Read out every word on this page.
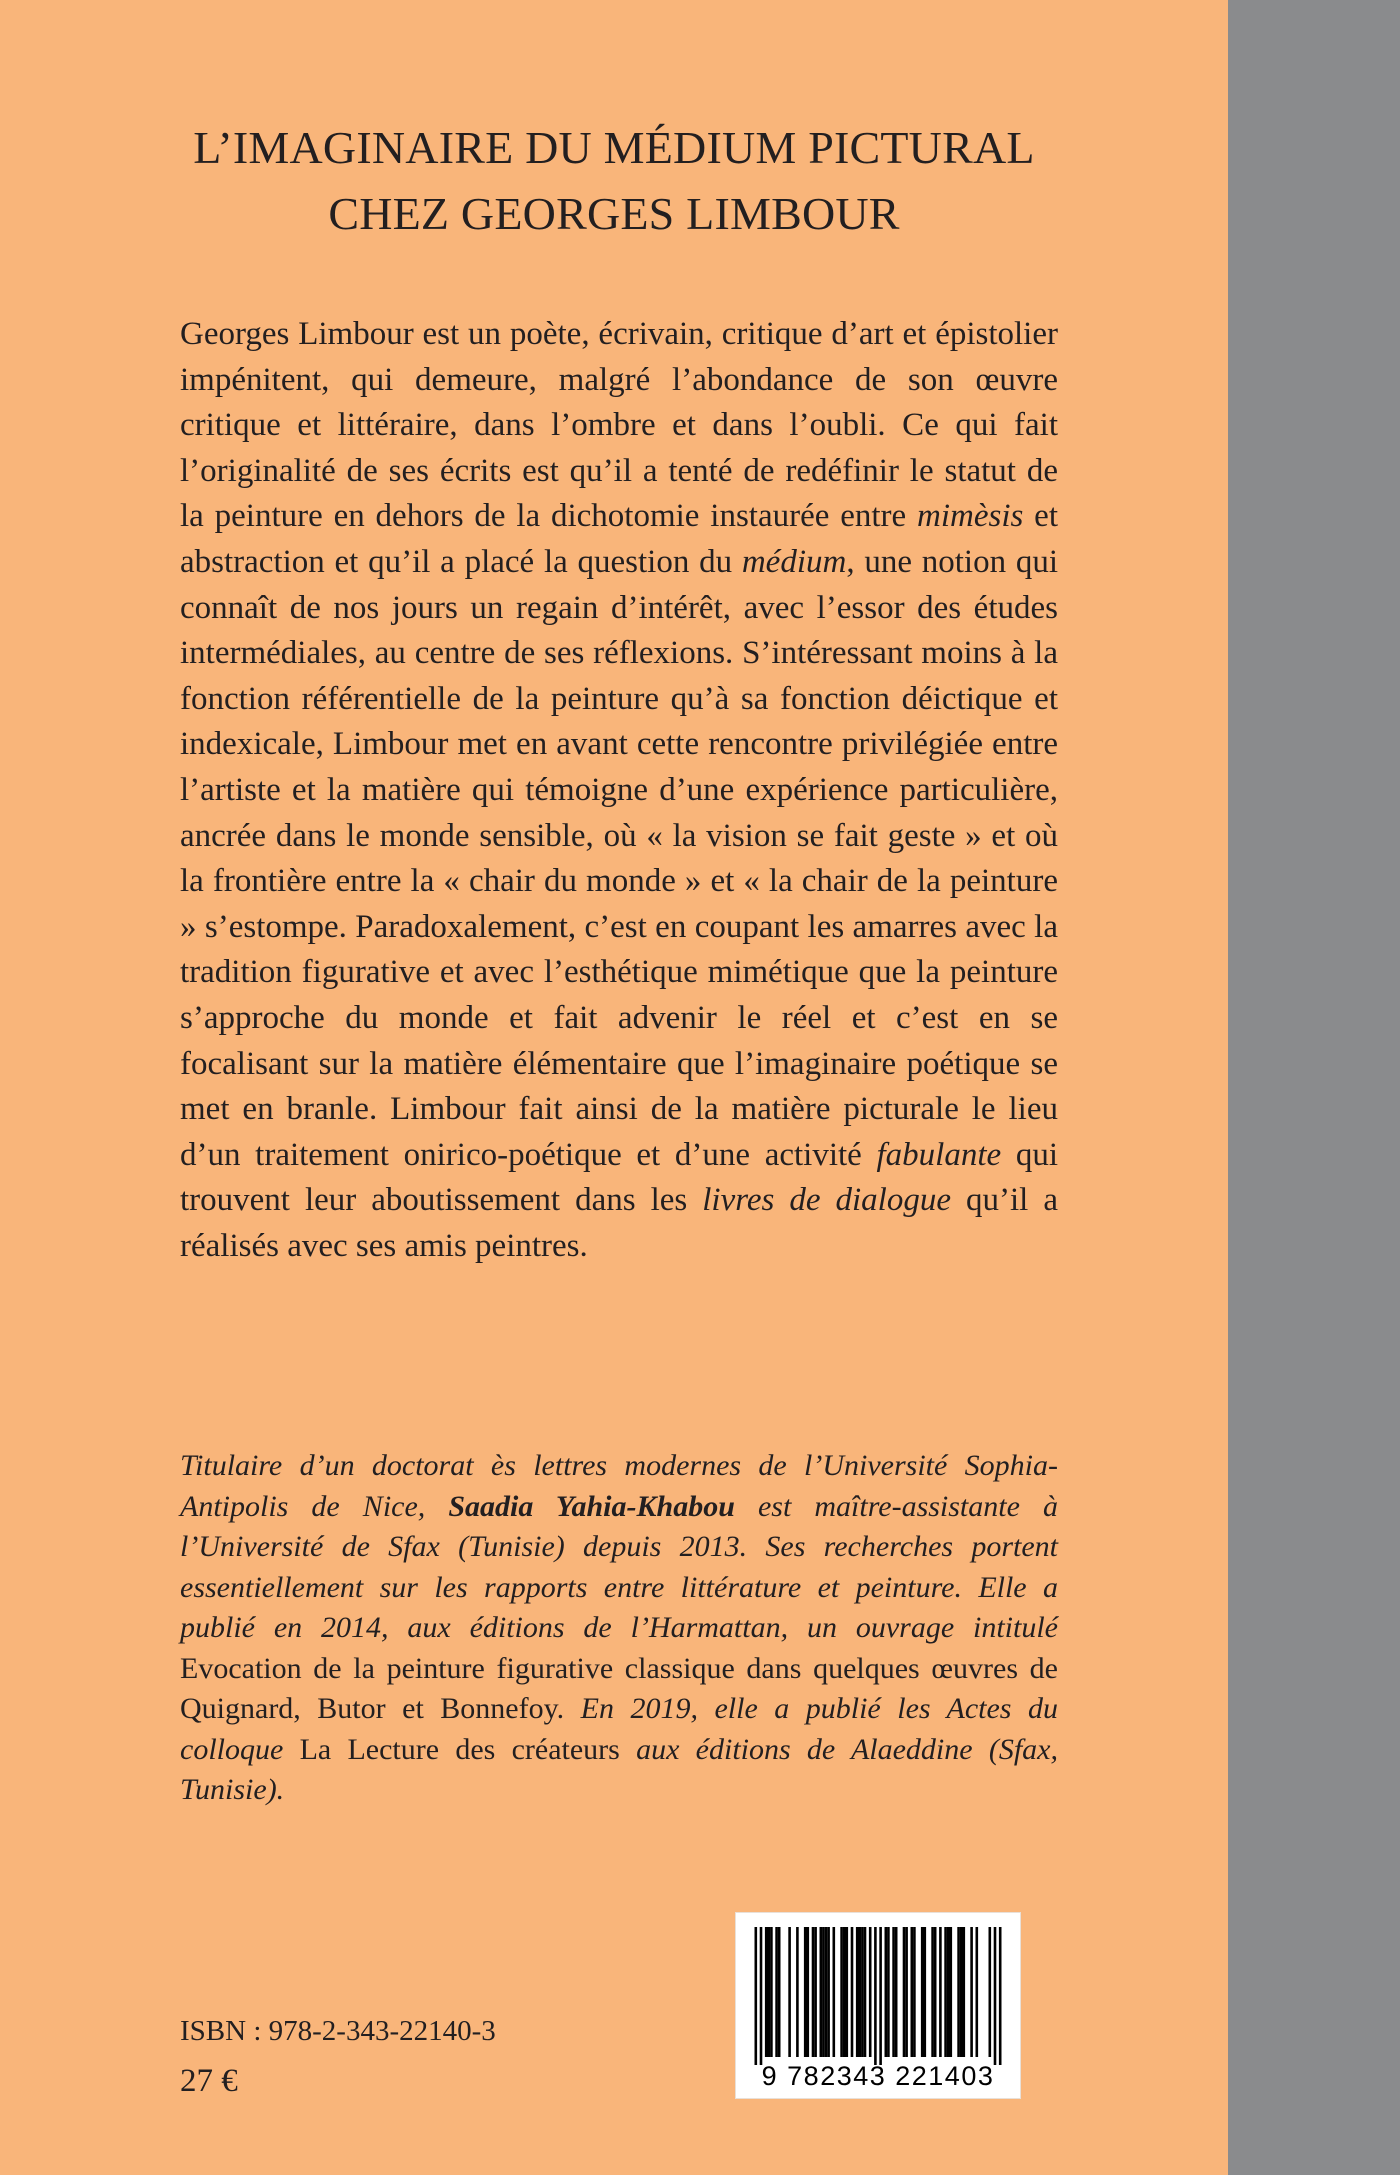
L’IMAGINAIRE DU MÉDIUM PICTURAL
CHEZ GEORGES LIMBOUR

Georges Limbour est un poète, écrivain, critique d’art et épistolier impénitent, qui demeure, malgré l’abondance de son œuvre critique et littéraire, dans l’ombre et dans l’oubli. Ce qui fait l’originalité de ses écrits est qu’il a tenté de redéfinir le statut de la peinture en dehors de la dichotomie instaurée entre mimèsis et abstraction et qu’il a placé la question du médium, une notion qui connaît de nos jours un regain d’intérêt, avec l’essor des études intermédiales, au centre de ses réflexions. S’intéressant moins à la fonction référentielle de la peinture qu’à sa fonction déictique et indexicale, Limbour met en avant cette rencontre privilégiée entre l’artiste et la matière qui témoigne d’une expérience particulière, ancrée dans le monde sensible, où « la vision se fait geste » et où la frontière entre la « chair du monde » et « la chair de la peinture » s’estompe. Paradoxalement, c’est en coupant les amarres avec la tradition figurative et avec l’esthétique mimétique que la peinture s’approche du monde et fait advenir le réel et c’est en se focalisant sur la matière élémentaire que l’imaginaire poétique se met en branle. Limbour fait ainsi de la matière picturale le lieu d’un traitement onirico-poétique et d’une activité fabulante qui trouvent leur aboutissement dans les livres de dialogue qu’il a réalisés avec ses amis peintres.

Titulaire d’un doctorat ès lettres modernes de l’Université Sophia-Antipolis de Nice, Saadia Yahia-Khabou est maître-assistante à l’Université de Sfax (Tunisie) depuis 2013. Ses recherches portent essentiellement sur les rapports entre littérature et peinture. Elle a publié en 2014, aux éditions de l’Harmattan, un ouvrage intitulé Evocation de la peinture figurative classique dans quelques œuvres de Quignard, Butor et Bonnefoy. En 2019, elle a publié les Actes du colloque La Lecture des créateurs aux éditions de Alaeddine (Sfax, Tunisie).

ISBN : 978-2-343-22140-3
27 €	9 782343 221403
